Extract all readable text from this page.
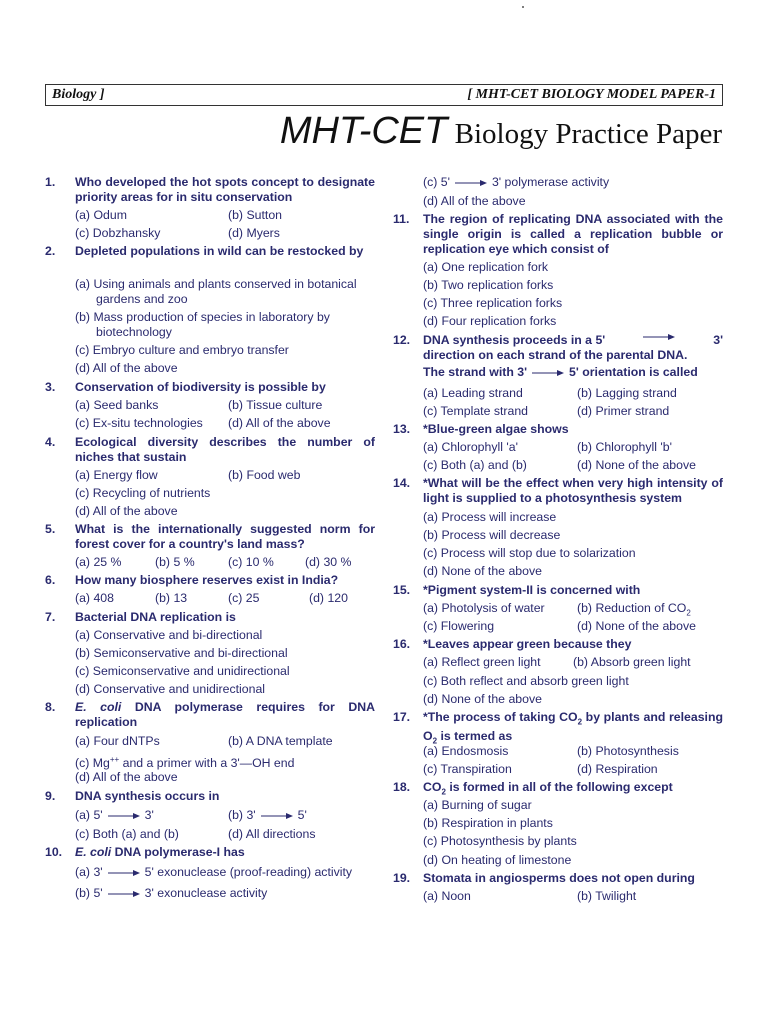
Biology ]	[ MHT-CET BIOLOGY MODEL PAPER-1
MHT-CET Biology Practice Paper
1. Who developed the hot spots concept to designate priority areas for in situ conservation
(a) Odum	(b) Sutton
(c) Dobzhansky	(d) Myers
2. Depleted populations in wild can be restocked by
(a) Using animals and plants conserved in botanical gardens and zoo
(b) Mass production of species in laboratory by biotechnology
(c) Embryo culture and embryo transfer
(d) All of the above
3. Conservation of biodiversity is possible by
(a) Seed banks	(b) Tissue culture
(c) Ex-situ technologies (d) All of the above
4. Ecological diversity describes the number of niches that sustain
(a) Energy flow	(b) Food web
(c) Recycling of nutrients
(d) All of the above
5. What is the internationally suggested norm for forest cover for a country's land mass?
(a) 25 %	(b) 5 %	(c) 10 %	(d) 30 %
6. How many biosphere reserves exist in India?
(a) 408	(b) 13	(c) 25	(d) 120
7. Bacterial DNA replication is
(a) Conservative and bi-directional
(b) Semiconservative and bi-directional
(c) Semiconservative and unidirectional
(d) Conservative and unidirectional
8. E. coli DNA polymerase requires for DNA replication
(a) Four dNTPs	(b) A DNA template
(c) Mg++ and a primer with a 3'—OH end
(d) All of the above
9. DNA synthesis occurs in
(a) 5'	3'	(b) 3'	5'
(c) Both (a) and (b)	(d) All directions
10. E. coli DNA polymerase-I has
(a) 3'	5' exonuclease (proof-reading) activity
(b) 5'	3' exonuclease activity
(c) 5'	3' polymerase activity
(d) All of the above
11. The region of replicating DNA associated with the single origin is called a replication bubble or replication eye which consist of
(a) One replication fork
(b) Two replication forks
(c) Three replication forks
(d) Four replication forks
12. DNA synthesis proceeds in a 5'	3'
direction on each strand of the parental DNA.
The strand with 3'	5' orientation is called
(a) Leading strand	(b) Lagging strand
(c) Template strand	(d) Primer strand
13. *Blue-green algae shows
(a) Chlorophyll 'a'	(b) Chlorophyll 'b'
(c) Both (a) and (b)	(d) None of the above
14. *What will be the effect when very high intensity of light is supplied to a photosynthesis system
(a) Process will increase
(b) Process will decrease
(c) Process will stop due to solarization
(d) None of the above
15. *Pigment system-II is concerned with
(a) Photolysis of water	(b) Reduction of $CO_2$
(c) Flowering	(d) None of the above
16. *Leaves appear green because they
(a) Reflect green light	(b) Absorb green light
(c) Both reflect and absorb green light
(d) None of the above
17. *The process of taking $CO_2$ by plants and releasing $O_2$ is termed as
(a) Endosmosis	(b) Photosynthesis
(c) Transpiration	(d) Respiration
18. $CO_2$ is formed in all of the following except
(a) Burning of sugar
(b) Respiration in plants
(c) Photosynthesis by plants
(d) On heating of limestone
19. Stomata in angiosperms does not open during
(a) Noon	(b) Twilight
